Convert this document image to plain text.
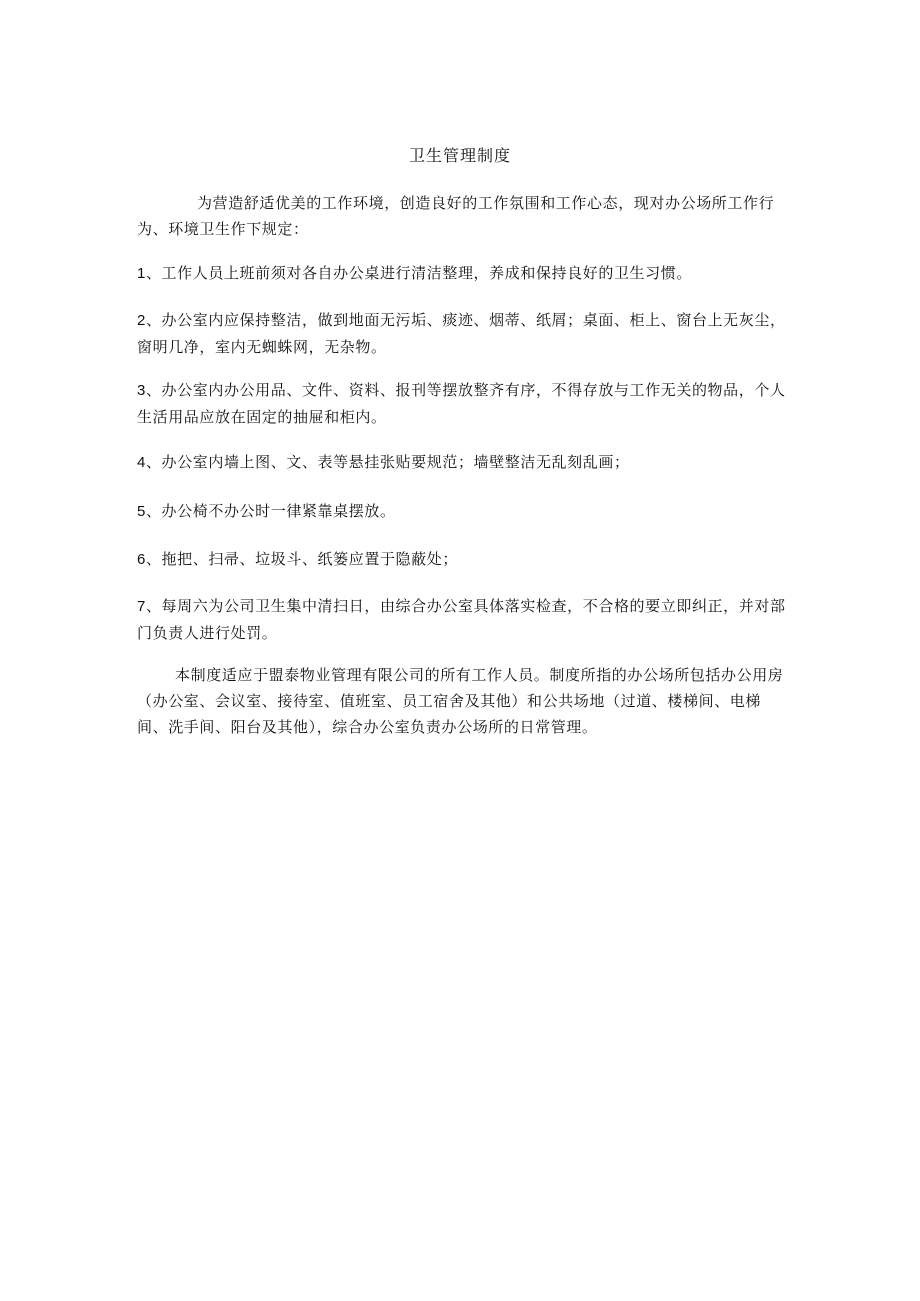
卫生管理制度

为营造舒适优美的工作环境，创造良好的工作氛围和工作心态，现对办公场所工作行为、环境卫生作下规定：

1、工作人员上班前须对各自办公桌进行清洁整理，养成和保持良好的卫生习惯。

2、办公室内应保持整洁，做到地面无污垢、痰迹、烟蒂、纸屑；桌面、柜上、窗台上无灰尘，窗明几净，室内无蜘蛛网，无杂物。

3、办公室内办公用品、文件、资料、报刊等摆放整齐有序，不得存放与工作无关的物品，个人生活用品应放在固定的抽屉和柜内。

4、办公室内墙上图、文、表等悬挂张贴要规范；墙壁整洁无乱刻乱画；

5、办公椅不办公时一律紧靠桌摆放。

6、拖把、扫帚、垃圾斗、纸篓应置于隐蔽处；

7、每周六为公司卫生集中清扫日，由综合办公室具体落实检查，不合格的要立即纠正，并对部门负责人进行处罚。

本制度适应于盟泰物业管理有限公司的所有工作人员。制度所指的办公场所包括办公用房（办公室、会议室、接待室、值班室、员工宿舍及其他）和公共场地（过道、楼梯间、电梯间、洗手间、阳台及其他），综合办公室负责办公场所的日常管理。
